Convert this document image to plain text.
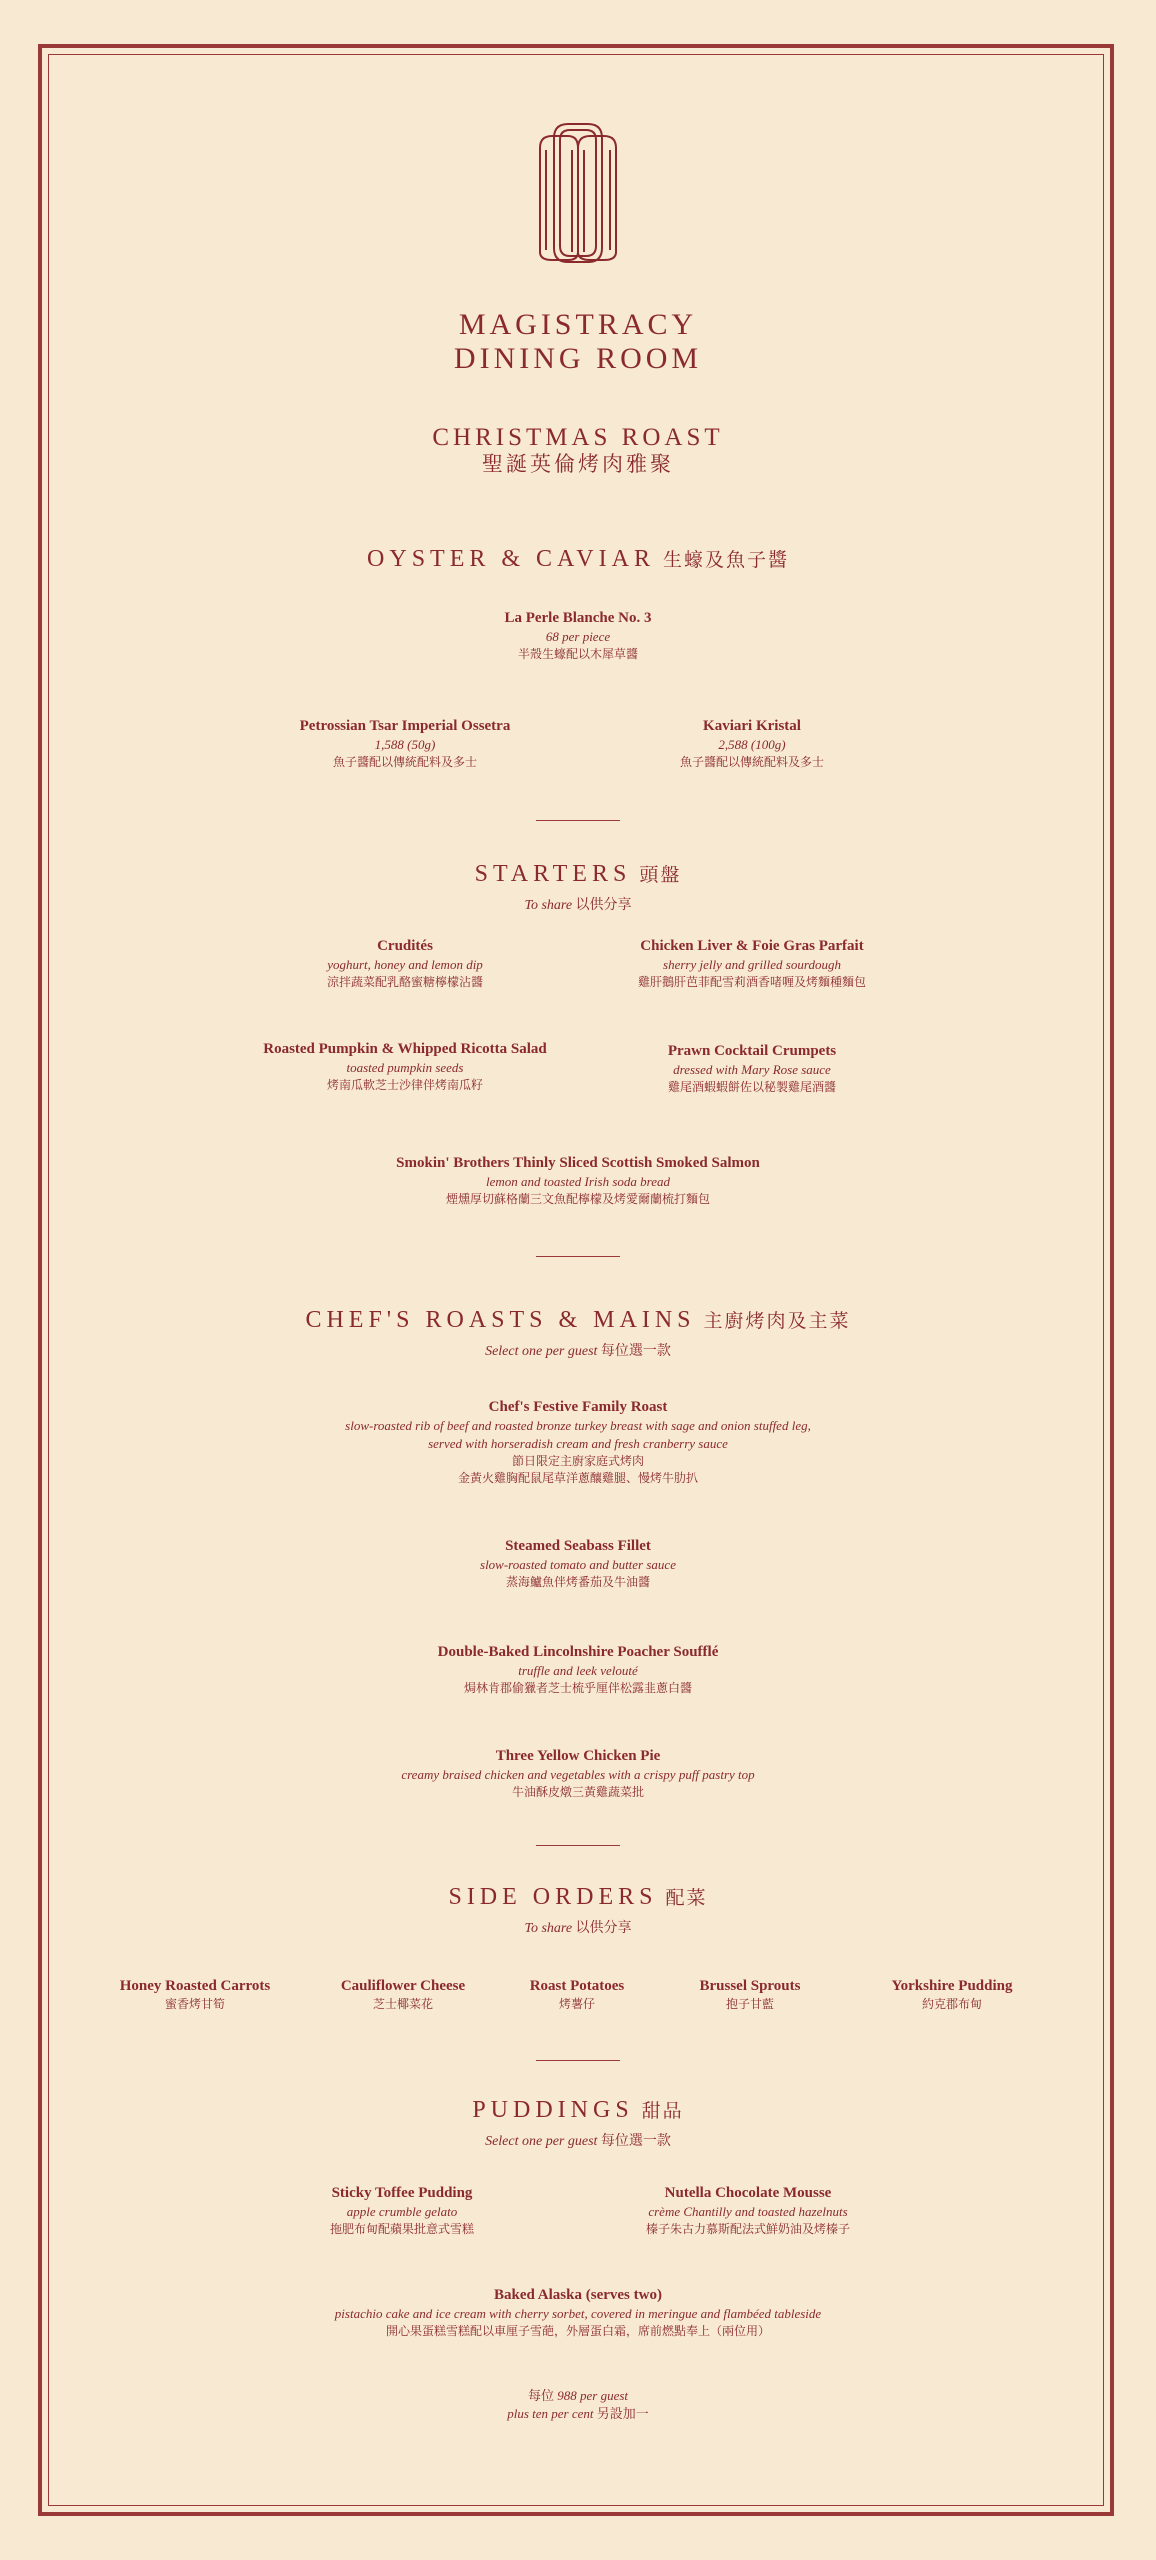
MAGISTRACY
DINING ROOM
CHRISTMAS ROAST
聖誕英倫烤肉雅聚
OYSTER & CAVIAR 生蠔及魚子醬
La Perle Blanche No. 3
68 per piece
半殼生蠔配以木犀草醬
Petrossian Tsar Imperial Ossetra
1,588 (50g)
魚子醬配以傳統配料及多士
Kaviari Kristal
2,588 (100g)
魚子醬配以傳統配料及多士
STARTERS 頭盤
To share 以供分享
Crudités
yoghurt, honey and lemon dip
涼拌蔬菜配乳酪蜜糖檸檬沾醬
Chicken Liver & Foie Gras Parfait
sherry jelly and grilled sourdough
雞肝鵝肝芭菲配雪莉酒香啫喱及烤麵種麵包
Roasted Pumpkin & Whipped Ricotta Salad
toasted pumpkin seeds
烤南瓜軟芝士沙律伴烤南瓜籽
Prawn Cocktail Crumpets
dressed with Mary Rose sauce
雞尾酒蝦蝦餅佐以秘製雞尾酒醬
Smokin' Brothers Thinly Sliced Scottish Smoked Salmon
lemon and toasted Irish soda bread
煙燻厚切蘇格蘭三文魚配檸檬及烤愛爾蘭梳打麵包
CHEF'S ROASTS & MAINS 主廚烤肉及主菜
Select one per guest 每位選一款
Chef's Festive Family Roast
slow-roasted rib of beef and roasted bronze turkey breast with sage and onion stuffed leg,
served with horseradish cream and fresh cranberry sauce
節日限定主廚家庭式烤肉
金黃火雞胸配鼠尾草洋蔥釀雞腿、慢烤牛肋扒
Steamed Seabass Fillet
slow-roasted tomato and butter sauce
蒸海鱸魚伴烤番茄及牛油醬
Double-Baked Lincolnshire Poacher Soufflé
truffle and leek velouté
焗林肯郡偷獵者芝士梳乎厘伴松露韭蔥白醬
Three Yellow Chicken Pie
creamy braised chicken and vegetables with a crispy puff pastry top
牛油酥皮燉三黃雞蔬菜批
SIDE ORDERS 配菜
To share 以供分享
Honey Roasted Carrots
蜜香烤甘筍
Cauliflower Cheese
芝士椰菜花
Roast Potatoes
烤薯仔
Brussel Sprouts
抱子甘藍
Yorkshire Pudding
約克郡布甸
PUDDINGS 甜品
Select one per guest 每位選一款
Sticky Toffee Pudding
apple crumble gelato
拖肥布甸配蘋果批意式雪糕
Nutella Chocolate Mousse
crème Chantilly and toasted hazelnuts
榛子朱古力慕斯配法式鮮奶油及烤榛子
Baked Alaska (serves two)
pistachio cake and ice cream with cherry sorbet, covered in meringue and flambéed tableside
開心果蛋糕雪糕配以車厘子雪葩，外層蛋白霜，席前燃點奉上（兩位用）
每位 988 per guest
plus ten per cent 另設加一
